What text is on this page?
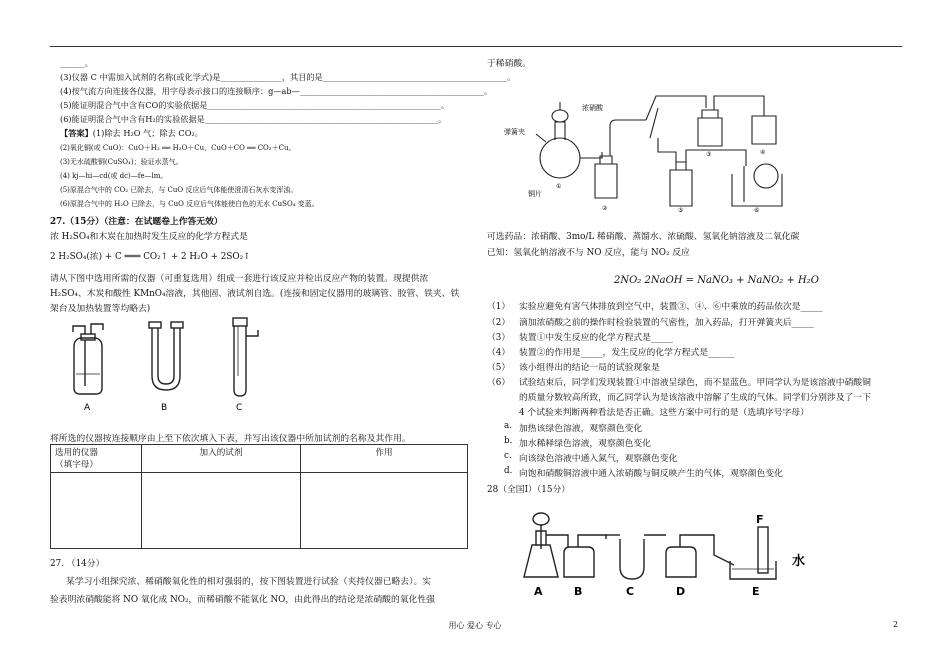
______。
(3)仪器 C 中需加入试剂的名称(或化学式)是_______________，其目的是_____________________________________________。
(4)按气流方向连接各仪器，用字母表示接口的连接顺序：g—ab—_____________________________________________。
(5)能证明混合气中含有CO的实验依据是_________________________________________________________。
(6)能证明混合气中含有H₂的实验依据是_________________________________________________________。
【答案】(1)除去 H₂O 气；除去 CO₂。
(2)氧化铜(或 CuO)：CuO＋H₂ ══ H₂O＋Cu，CuO＋CO ══ CO₂＋Cu。
(3)无水硫酸铜(CuSO₄)；验证水蒸气。
(4) kj—hi—cd(或 dc)—fe—lm。
(5)原混合气中的 CO₂ 已除去，与 CuO 反应后气体能使澄清石灰水变浑浊。
(6)原混合气中的 H₂O 已除去，与 CuO 反应后气体能使白色的无水 CuSO₄ 变蓝。
27.（15分）（注意：在试题卷上作答无效）
浓 H₂SO₄和木炭在加热时发生反应的化学方程式是
2 H₂SO₄(浓) + C ═══ CO₂↑ + 2 H₂O + 2SO₂↑
请从下图中选用所需的仪器（可重复选用）组成一套进行该反应并检出反应产物的装置。现提供浓
H₂SO₄、木炭和酸性 KMnO₄溶液，其他固、液试剂自选。(连接和固定仪器用的玻璃管、胶管、铁夹、铁
架台及加热装置等均略去)
A	B	C
将所选的仪器按连接顺序由上至下依次填入下表，并写出该仪器中所加试剂的名称及其作用。
选用的仪器
（填字母）	加入的试剂	作用

27. （14分）
某学习小组探究浓、稀硝酸氧化性的相对强弱的，按下图装置进行试验（夹持仪器已略去）。实
验表明浓硝酸能将 NO 氧化成 NO₂，而稀硝酸不能氧化 NO，由此得出的结论是浓硝酸的氧化性强
于稀硝酸。
浓硝酸
弹簧夹
铜片
①
②
③	④
⑤	⑥
可选药品：浓硝酸、3mo/L 稀硝酸、蒸馏水、浓硫酸、氢氧化钠溶液及二氧化碳
已知：氢氧化钠溶液不与 NO 反应，能与 NO₂ 反应
2NO₂ 2NaOH = NaNO₃ + NaNO₂ + H₂O
（1） 实验应避免有害气体排放到空气中，装置③、④、⑥中乘放的药品依次是_____
（2） 滴加浓硝酸之前的操作时检验装置的气密性，加入药品，打开弹簧夹后_____
（3） 装置①中发生反应的化学方程式是_____
（4） 装置②的作用是_____，发生反应的化学方程式是______
（5） 该小组得出的结论一局的试验现象是
（6） 试验结束后，同学们发现装置①中溶液呈绿色，而不显蓝色。甲同学认为是该溶液中硝酸铜
的质量分数较高所致，而乙同学认为是该溶液中溶解了生成的气体。同学们分别涉及了一下
4 个试验来判断两种看法是否正确。这些方案中可行的是（选填序号字母）
a. 加热该绿色溶液，观察颜色变化
b. 加水稀释绿色溶液，观察颜色变化
c. 向该绿色溶液中通入氮气，观察颜色变化
d. 向饱和硝酸铜溶液中通入浓硝酸与铜反映产生的气体，观察颜色变化
28（全国Ⅰ）（15分）
A	B	C	D	E
F
水
用心 爱心 专心	2
